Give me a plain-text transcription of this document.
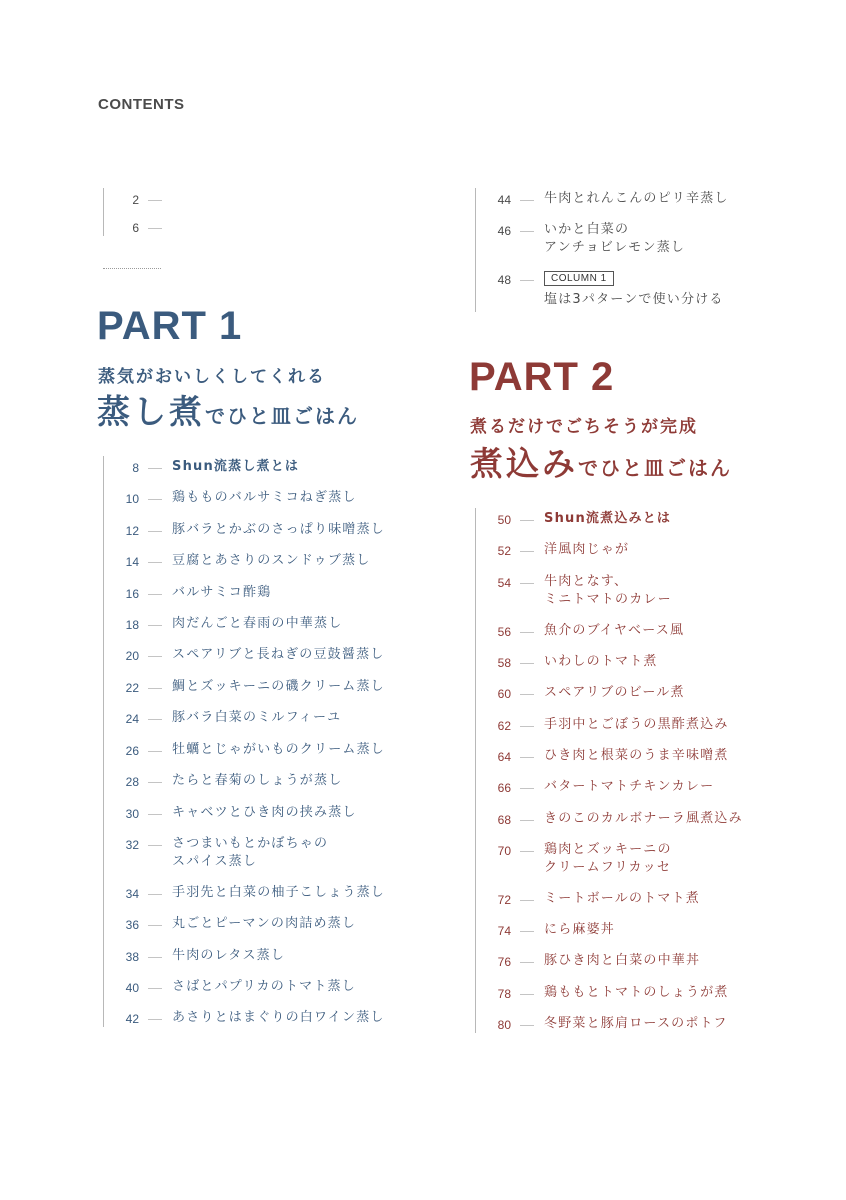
CONTENTS
2
6
PART 1
蒸気がおいしくしてくれる
蒸し煮でひと皿ごはん
8	Shun流蒸し煮とは
10	鶏もものバルサミコねぎ蒸し
12	豚バラとかぶのさっぱり味噌蒸し
14	豆腐とあさりのスンドゥブ蒸し
16	バルサミコ酢鶏
18	肉だんごと春雨の中華蒸し
20	スペアリブと長ねぎの豆鼓醤蒸し
22	鯛とズッキーニの磯クリーム蒸し
24	豚バラ白菜のミルフィーユ
26	牡蠣とじゃがいものクリーム蒸し
28	たらと春菊のしょうが蒸し
30	キャベツとひき肉の挟み蒸し
32	さつまいもとかぼちゃの
スパイス蒸し
34	手羽先と白菜の柚子こしょう蒸し
36	丸ごとピーマンの肉詰め蒸し
38	牛肉のレタス蒸し
40	さばとパプリカのトマト蒸し
42	あさりとはまぐりの白ワイン蒸し
44	牛肉とれんこんのピリ辛蒸し
46	いかと白菜の
アンチョビレモン蒸し
48	COLUMN 1
塩は3パターンで使い分ける
PART 2
煮るだけでごちそうが完成
煮込みでひと皿ごはん
50	Shun流煮込みとは
52	洋風肉じゃが
54	牛肉となす、
ミニトマトのカレー
56	魚介のブイヤベース風
58	いわしのトマト煮
60	スペアリブのビール煮
62	手羽中とごぼうの黒酢煮込み
64	ひき肉と根菜のうま辛味噌煮
66	バタートマトチキンカレー
68	きのこのカルボナーラ風煮込み
70	鶏肉とズッキーニの
クリームフリカッセ
72	ミートボールのトマト煮
74	にら麻婆丼
76	豚ひき肉と白菜の中華丼
78	鶏ももとトマトのしょうが煮
80	冬野菜と豚肩ロースのポトフ
